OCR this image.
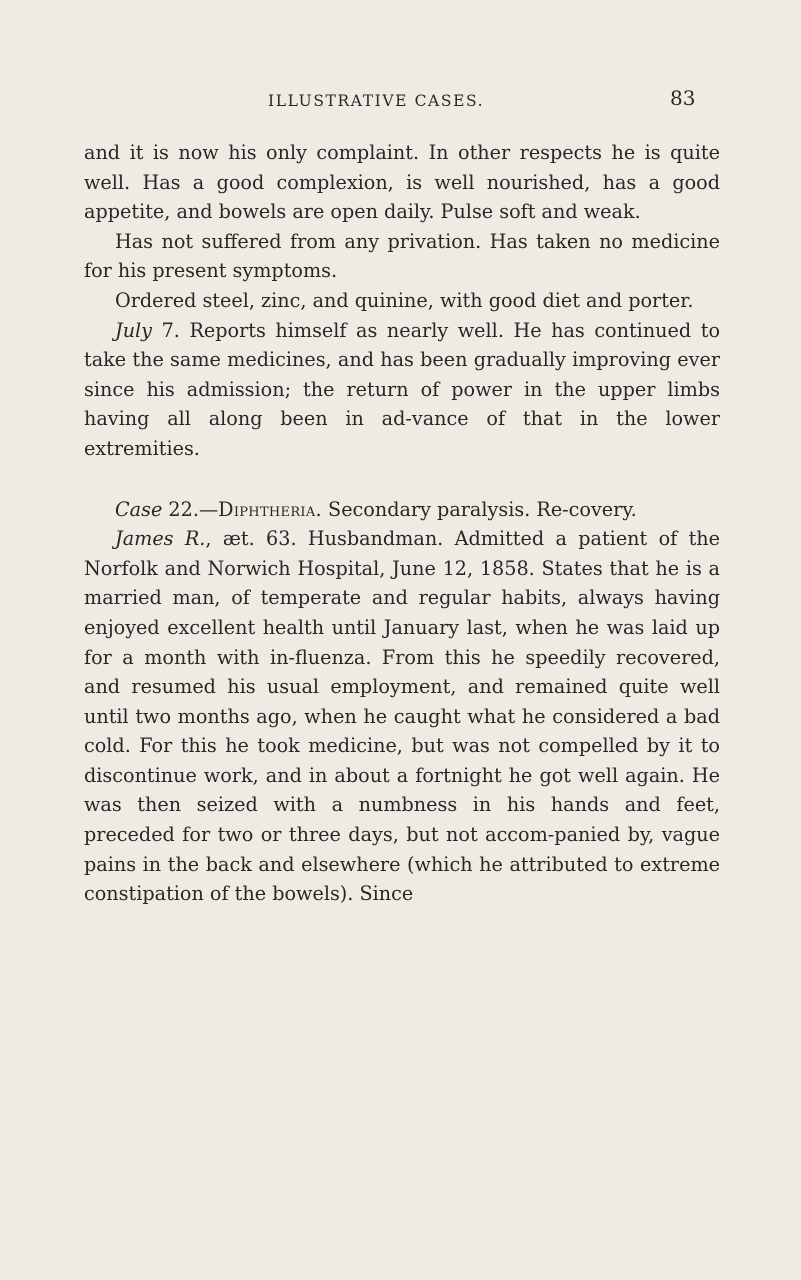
ILLUSTRATIVE CASES.	83

and it is now his only complaint. In other respects he is quite well. Has a good complexion, is well nourished, has a good appetite, and bowels are open daily. Pulse soft and weak.

Has not suffered from any privation. Has taken no medicine for his present symptoms.

Ordered steel, zinc, and quinine, with good diet and porter.

July 7. Reports himself as nearly well. He has continued to take the same medicines, and has been gradually improving ever since his admission; the return of power in the upper limbs having all along been in ad-vance of that in the lower extremities.

Case 22.—Diphtheria. Secondary paralysis. Re-covery.

James R., æt. 63. Husbandman. Admitted a patient of the Norfolk and Norwich Hospital, June 12, 1858. States that he is a married man, of temperate and regular habits, always having enjoyed excellent health until January last, when he was laid up for a month with in-fluenza. From this he speedily recovered, and resumed his usual employment, and remained quite well until two months ago, when he caught what he considered a bad cold. For this he took medicine, but was not compelled by it to discontinue work, and in about a fortnight he got well again. He was then seized with a numbness in his hands and feet, preceded for two or three days, but not accom-panied by, vague pains in the back and elsewhere (which he attributed to extreme constipation of the bowels). Since
